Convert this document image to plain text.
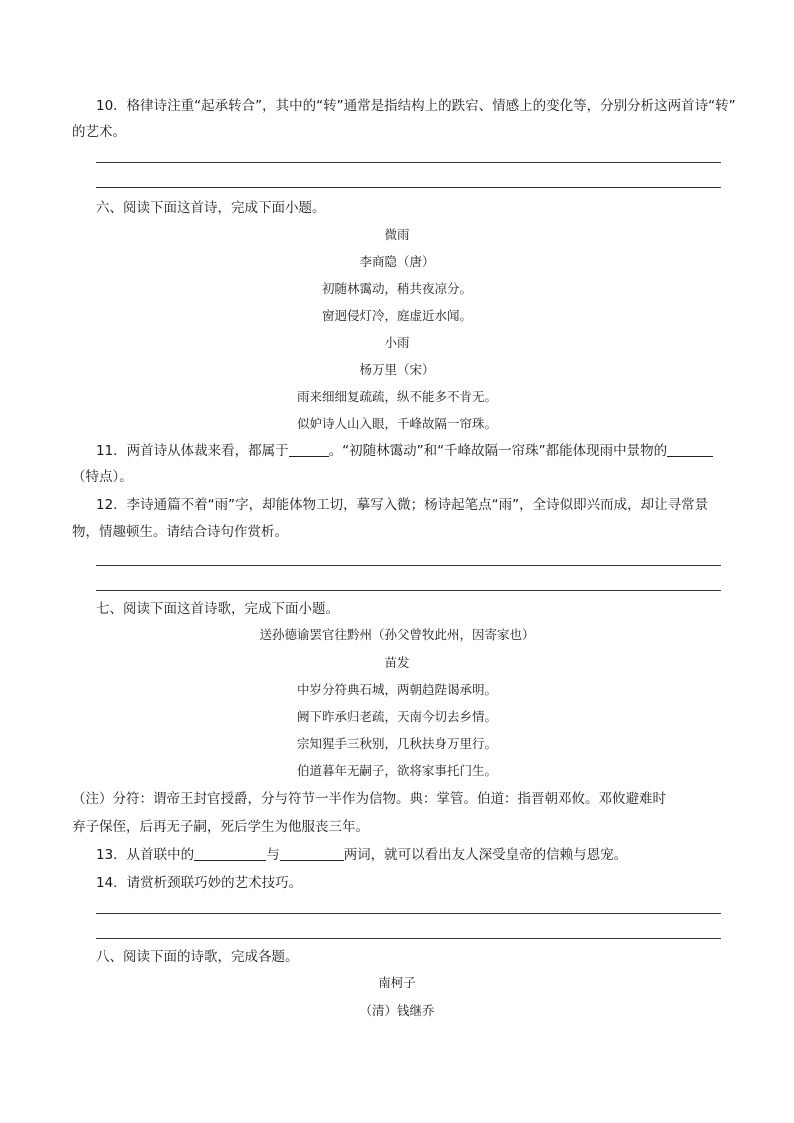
10．格律诗注重“起承转合”，其中的“转”通常是指结构上的跌宕、情感上的变化等，分别分析这两首诗“转”
的艺术。
六、阅读下面这首诗，完成下面小题。
微雨
李商隐（唐）
初随林霭动，稍共夜凉分。
窗迥侵灯冷，庭虚近水闻。
小雨
杨万里（宋）
雨来细细复疏疏，纵不能多不肯无。
似妒诗人山入眼，千峰故隔一帘珠。
11．两首诗从体裁来看，都属于	。“初随林霭动”和“千峰故隔一帘珠”都能体现雨中景物的
（特点）。
12．李诗通篇不着“雨”字，却能体物工切，摹写入微；杨诗起笔点“雨”，全诗似即兴而成，却让寻常景
物，情趣顿生。请结合诗句作赏析。
七、阅读下面这首诗歌，完成下面小题。
送孙德谕罢官往黔州（孙父曾牧此州，因寄家也）
苗发
中岁分符典石城，两朝趋陛谒承明。
阙下昨承归老疏，天南今切去乡情。
宗知猩手三秋别，几秋扶身万里行。
伯道暮年无嗣子，欲将家事托门生。
（注）分符：谓帝王封官授爵，分与符节一半作为信物。典：掌管。伯道：指晋朝邓攸。邓攸避难时
弃子保侄，后再无子嗣，死后学生为他服丧三年。
13．从首联中的	与	两词，就可以看出友人深受皇帝的信赖与恩宠。
14．请赏析颈联巧妙的艺术技巧。
八、阅读下面的诗歌，完成各题。
南柯子
（清）钱继乔
